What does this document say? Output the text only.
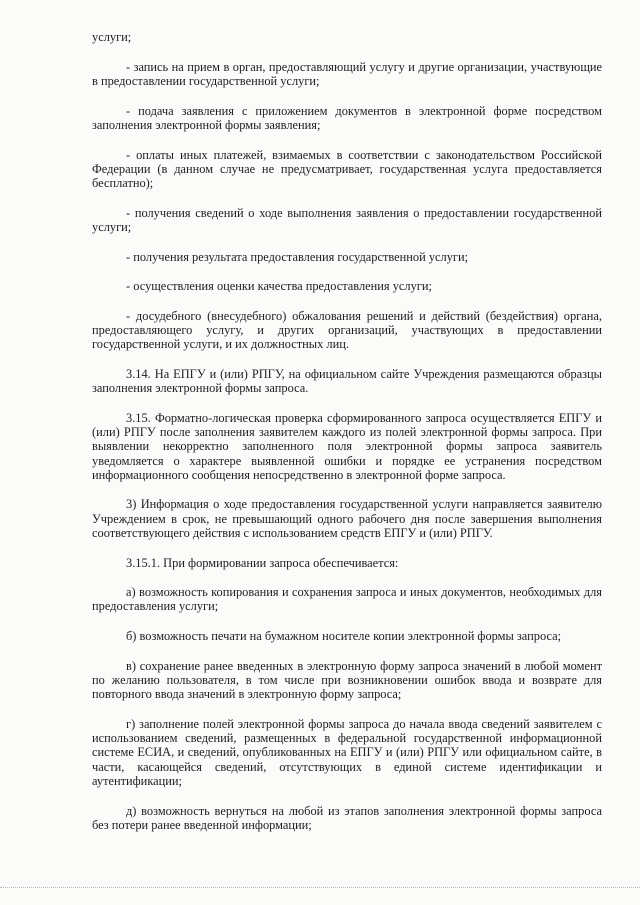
услуги;

- запись на прием в орган, предоставляющий услугу и другие организации, участвующие в предоставлении государственной услуги;

- подача заявления с приложением документов в электронной форме посредством заполнения электронной формы заявления;

- оплаты иных платежей, взимаемых в соответствии с законодательством Российской Федерации (в данном случае не предусматривает, государственная услуга предоставляется бесплатно);

- получения сведений о ходе выполнения заявления о предоставлении государственной услуги;

- получения результата предоставления государственной услуги;

- осуществления оценки качества предоставления услуги;

- досудебного (внесудебного) обжалования решений и действий (бездействия) органа, предоставляющего услугу, и других организаций, участвующих в предоставлении государственной услуги, и их должностных лиц.

3.14. На ЕПГУ и (или) РПГУ, на официальном сайте Учреждения размещаются образцы заполнения электронной формы запроса.

3.15. Форматно-логическая проверка сформированного запроса осуществляется ЕПГУ и (или) РПГУ после заполнения заявителем каждого из полей электронной формы запроса. При выявлении некорректно заполненного поля электронной формы запроса заявитель уведомляется о характере выявленной ошибки и порядке ее устранения посредством информационного сообщения непосредственно в электронной форме запроса.

3) Информация о ходе предоставления государственной услуги направляется заявителю Учреждением в срок, не превышающий одного рабочего дня после завершения выполнения соответствующего действия с использованием средств ЕПГУ и (или) РПГУ.

3.15.1. При формировании запроса обеспечивается:

а) возможность копирования и сохранения запроса и иных документов, необходимых для предоставления услуги;

б) возможность печати на бумажном носителе копии электронной формы запроса;

в) сохранение ранее введенных в электронную форму запроса значений в любой момент по желанию пользователя, в том числе при возникновении ошибок ввода и возврате для повторного ввода значений в электронную форму запроса;

г) заполнение полей электронной формы запроса до начала ввода сведений заявителем с использованием сведений, размещенных в федеральной государственной информационной системе ЕСИА, и сведений, опубликованных на ЕПГУ и (или) РПГУ или официальном сайте, в части, касающейся сведений, отсутствующих в единой системе идентификации и аутентификации;

д) возможность вернуться на любой из этапов заполнения электронной формы запроса без потери ранее введенной информации;
